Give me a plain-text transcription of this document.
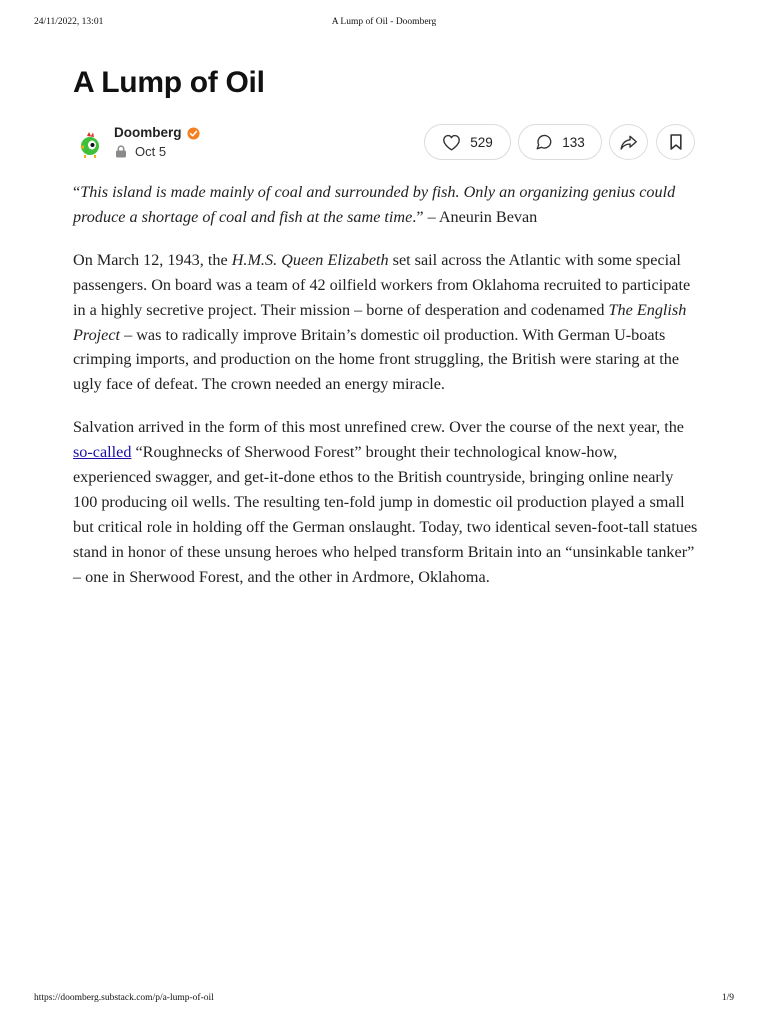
24/11/2022, 13:01	A Lump of Oil - Doomberg
A Lump of Oil
Doomberg
Oct 5
529	133

“This island is made mainly of coal and surrounded by fish. Only an organizing genius could produce a shortage of coal and fish at the same time.” – Aneurin Bevan

On March 12, 1943, the H.M.S. Queen Elizabeth set sail across the Atlantic with some special passengers. On board was a team of 42 oilfield workers from Oklahoma recruited to participate in a highly secretive project. Their mission – borne of desperation and codenamed The English Project – was to radically improve Britain’s domestic oil production. With German U-boats crimping imports, and production on the home front struggling, the British were staring at the ugly face of defeat. The crown needed an energy miracle.

Salvation arrived in the form of this most unrefined crew. Over the course of the next year, the so-called “Roughnecks of Sherwood Forest” brought their technological know-how, experienced swagger, and get-it-done ethos to the British countryside, bringing online nearly 100 producing oil wells. The resulting ten-fold jump in domestic oil production played a small but critical role in holding off the German onslaught. Today, two identical seven-foot-tall statues stand in honor of these unsung heroes who helped transform Britain into an “unsinkable tanker” – one in Sherwood Forest, and the other in Ardmore, Oklahoma.

https://doomberg.substack.com/p/a-lump-of-oil	1/9
